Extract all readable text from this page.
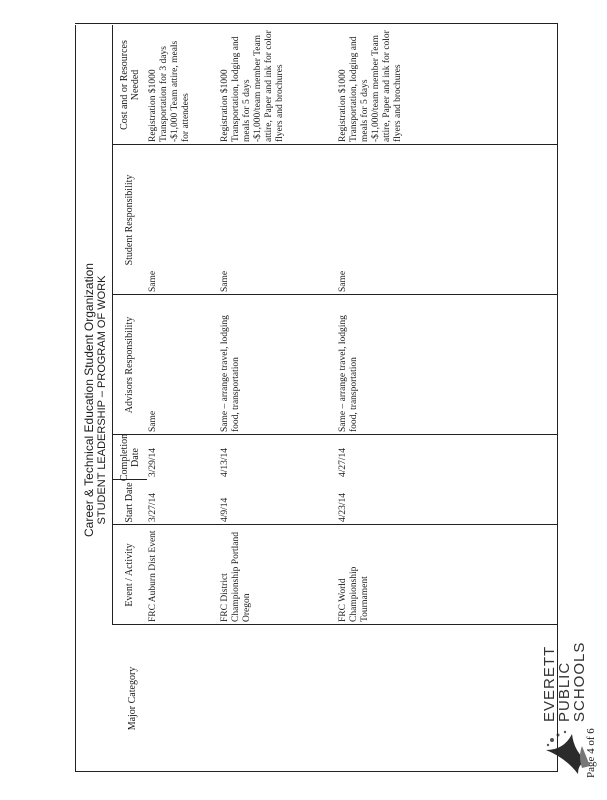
EVERETT
PUBLIC
SCHOOLS
Career & Technical Education Student Organization STUDENT LEADERSHIP – PROGRAM OF WORK
Major Category
Event / Activity
Start Date
Completion Date
Advisors Responsibility
Student Responsibility
Cost and or Resources Needed
FRC Auburn Dist Event
3/27/14
3/29/14
Same
Same
Registration $1000 Transportation for 3 days -$1,000 Team attire, meals for attendees
FRC District Championship Portland Oregon
4/9/14
4/13/14
Same – arrange travel, lodging food, transportation
Same
Registration $1000 Transportation, lodging and meals for 5 days -$1,000/team member Team attire, Paper and ink for color flyers and brochures
FRC World Championship Tournament
4/23/14
4/27/14
Same – arrange travel, lodging food, transportation
Same
Registration $1000 Transportation, lodging and meals for 5 days -$1,000/team member Team attire, Paper and ink for color flyers and brochures
Page 4 of 6
